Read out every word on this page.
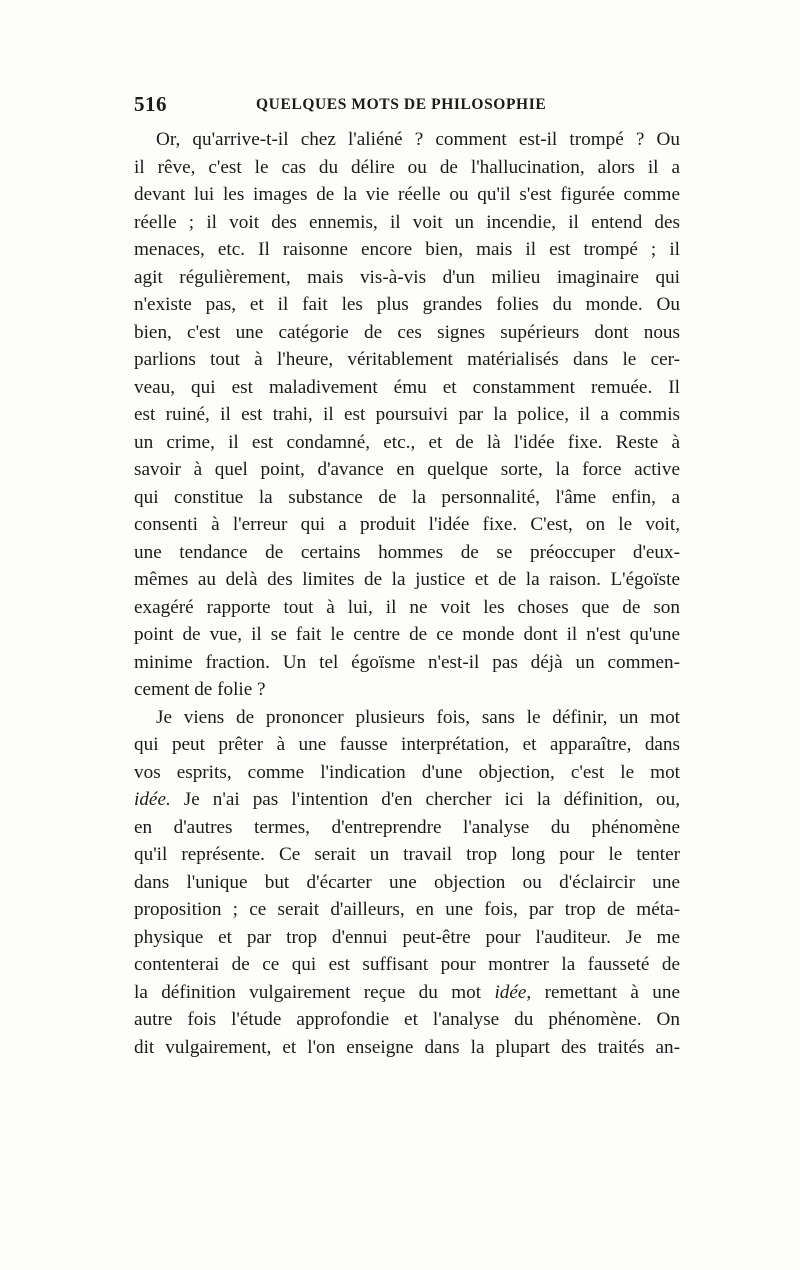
516	QUELQUES MOTS DE PHILOSOPHIE
Or, qu'arrive-t-il chez l'aliéné ? comment est-il trompé ? Ou
il rêve, c'est le cas du délire ou de l'hallucination, alors il a
devant lui les images de la vie réelle ou qu'il s'est figurée comme
réelle ; il voit des ennemis, il voit un incendie, il entend des
menaces, etc. Il raisonne encore bien, mais il est trompé ; il
agit régulièrement, mais vis-à-vis d'un milieu imaginaire qui
n'existe pas, et il fait les plus grandes folies du monde. Ou
bien, c'est une catégorie de ces signes supérieurs dont nous
parlions tout à l'heure, véritablement matérialisés dans le cer-
veau, qui est maladivement ému et constamment remuée. Il
est ruiné, il est trahi, il est poursuivi par la police, il a commis
un crime, il est condamné, etc., et de là l'idée fixe. Reste à
savoir à quel point, d'avance en quelque sorte, la force active
qui constitue la substance de la personnalité, l'âme enfin, a
consenti à l'erreur qui a produit l'idée fixe. C'est, on le voit,
une tendance de certains hommes de se préoccuper d'eux-
mêmes au delà des limites de la justice et de la raison. L'égoïste
exagéré rapporte tout à lui, il ne voit les choses que de son
point de vue, il se fait le centre de ce monde dont il n'est qu'une
minime fraction. Un tel égoïsme n'est-il pas déjà un commen-
cement de folie ?
Je viens de prononcer plusieurs fois, sans le définir, un mot
qui peut prêter à une fausse interprétation, et apparaître, dans
vos esprits, comme l'indication d'une objection, c'est le mot
idée. Je n'ai pas l'intention d'en chercher ici la définition, ou,
en d'autres termes, d'entreprendre l'analyse du phénomène
qu'il représente. Ce serait un travail trop long pour le tenter
dans l'unique but d'écarter une objection ou d'éclaircir une
proposition ; ce serait d'ailleurs, en une fois, par trop de méta-
physique et par trop d'ennui peut-être pour l'auditeur. Je me
contenterai de ce qui est suffisant pour montrer la fausseté de
la définition vulgairement reçue du mot idée, remettant à une
autre fois l'étude approfondie et l'analyse du phénomène. On
dit vulgairement, et l'on enseigne dans la plupart des traités an-
